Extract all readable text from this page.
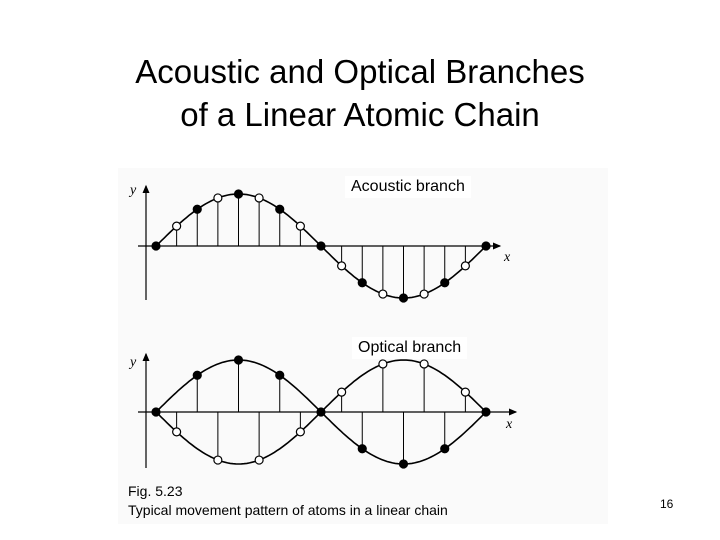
Acoustic and Optical Branches
of a Linear Atomic Chain
y
x
y
x
Acoustic branch
Optical branch
Fig. 5.23
Typical movement pattern of atoms in a linear chain	16
